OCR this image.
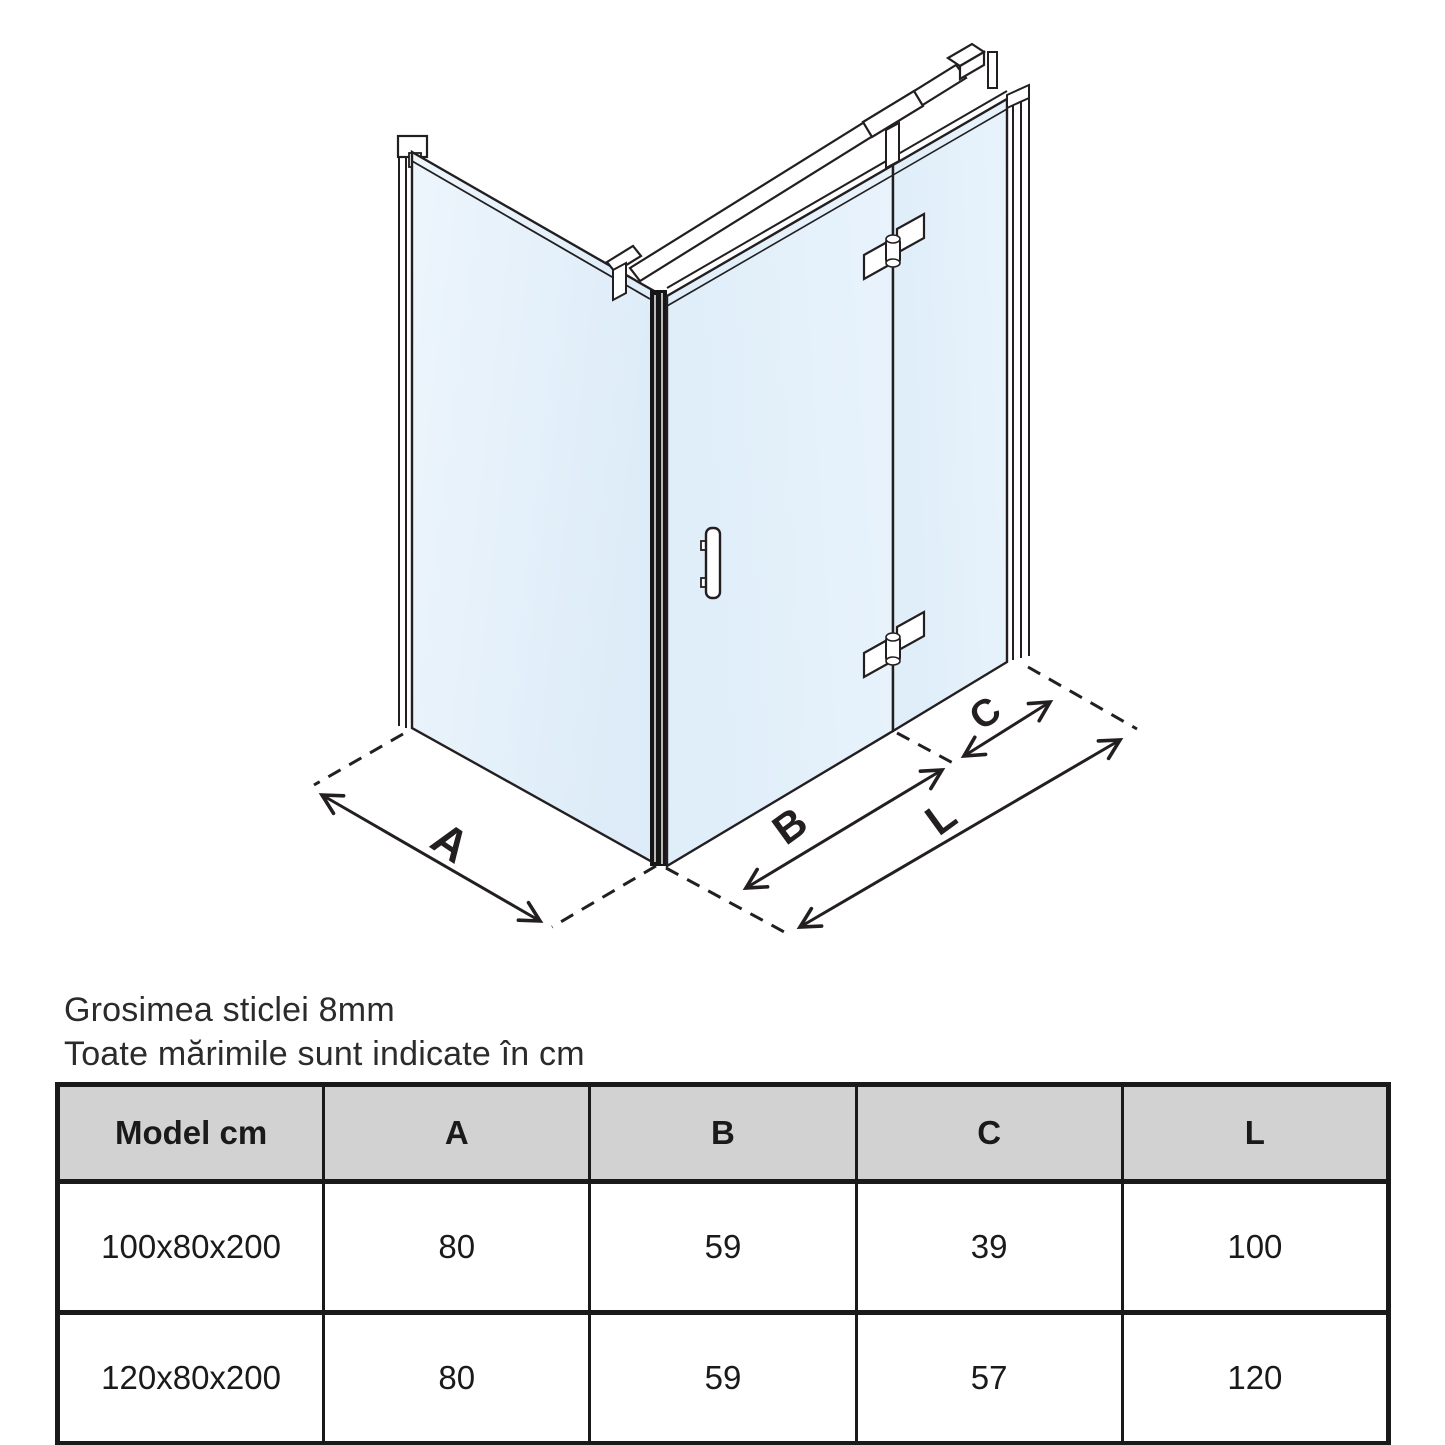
A	B
C
L
Grosimea sticlei 8mm
Toate mărimile sunt indicate în cm
Model cm	A	B	C	L
100x80x200	80	59	39	100
120x80x200	80	59	57	120
